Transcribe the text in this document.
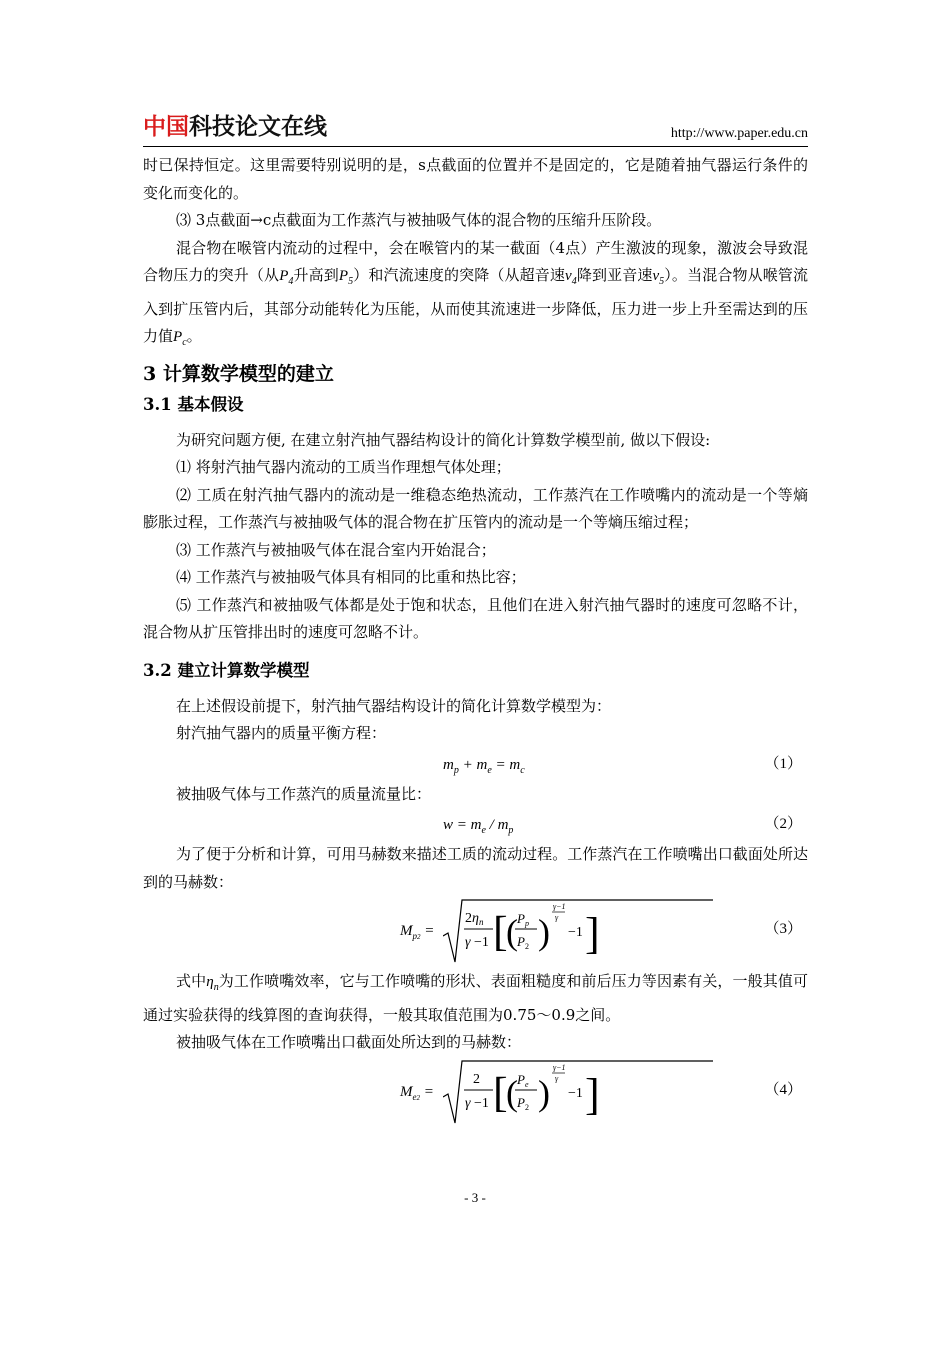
中国科技论文在线	http://www.paper.edu.cn

时已保持恒定。这里需要特别说明的是，s点截面的位置并不是固定的，它是随着抽气器运行条件的变化而变化的。

⑶ 3点截面→c点截面为工作蒸汽与被抽吸气体的混合物的压缩升压阶段。

混合物在喉管内流动的过程中，会在喉管内的某一截面（4点）产生激波的现象，激波会导致混合物压力的突升（从$P_4$升高到$P_5$）和汽流速度的突降（从超音速$v_4$降到亚音速$v_5$）。当混合物从喉管流入到扩压管内后，其部分动能转化为压能，从而使其流速进一步降低，压力进一步上升至需达到的压力值$P_c$。

3 计算数学模型的建立
3.1 基本假设

为研究问题方便, 在建立射汽抽气器结构设计的简化计算数学模型前, 做以下假设:

⑴ 将射汽抽气器内流动的工质当作理想气体处理；

⑵ 工质在射汽抽气器内的流动是一维稳态绝热流动，工作蒸汽在工作喷嘴内的流动是一个等熵膨胀过程，工作蒸汽与被抽吸气体的混合物在扩压管内的流动是一个等熵压缩过程；

⑶ 工作蒸汽与被抽吸气体在混合室内开始混合；

⑷ 工作蒸汽与被抽吸气体具有相同的比重和热比容；

⑸ 工作蒸汽和被抽吸气体都是处于饱和状态，且他们在进入射汽抽气器时的速度可忽略不计，混合物从扩压管排出时的速度可忽略不计。

3.2 建立计算数学模型

在上述假设前提下，射汽抽气器结构设计的简化计算数学模型为：

射汽抽气器内的质量平衡方程：

$m_p + m_e = m_c$	（1）

被抽吸气体与工作蒸汽的质量流量比：

$w = m_e / m_p$	（2）

为了便于分析和计算，可用马赫数来描述工质的流动过程。工作蒸汽在工作喷嘴出口截面处所达到的马赫数：

$M_{p2}$ =
$2\eta_n$
γ −1 [
( $P_p$
$P_2$ )
γ−1
γ
−1 ]	（3）

式中$\eta_n$为工作喷嘴效率，它与工作喷嘴的形状、表面粗糙度和前后压力等因素有关，一般其值可通过实验获得的线算图的查询获得，一般其取值范围为0.75～0.9之间。

被抽吸气体在工作喷嘴出口截面处所达到的马赫数：

$M_{e2}$ =
2
γ −1 [
( $P_e$
$P_2$ )
γ−1
γ
−1 ]	（4）
- 3 -
